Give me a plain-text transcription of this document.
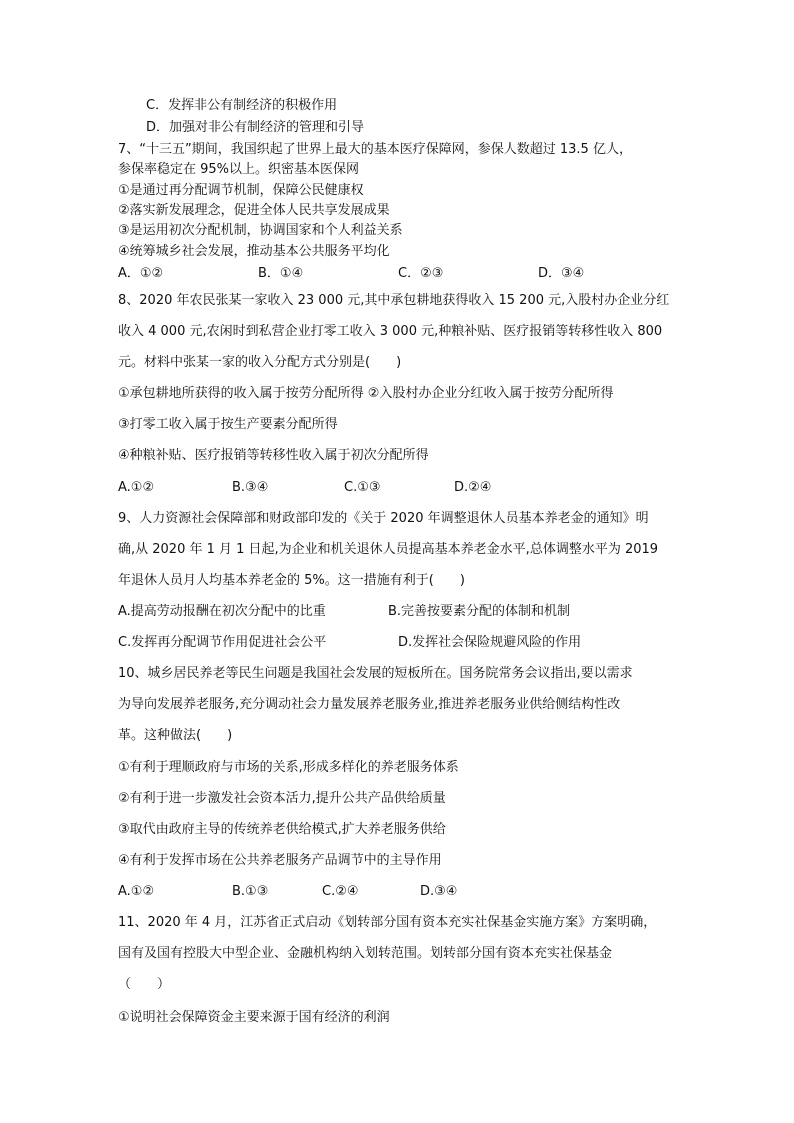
C．发挥非公有制经济的积极作用
D．加强对非公有制经济的管理和引导
7、“十三五”期间，我国织起了世界上最大的基本医疗保障网，参保人数超过 13.5 亿人，
参保率稳定在 95%以上。织密基本医保网
①是通过再分配调节机制，保障公民健康权
②落实新发展理念，促进全体人民共享发展成果
③是运用初次分配机制，协调国家和个人利益关系
④统筹城乡社会发展，推动基本公共服务平均化
A．①②	B．①④	C．②③	D．③④
8、2020 年农民张某一家收入 23 000 元,其中承包耕地获得收入 15 200 元,入股村办企业分红
收入 4 000 元,农闲时到私营企业打零工收入 3 000 元,种粮补贴、医疗报销等转移性收入 800
元。材料中张某一家的收入分配方式分别是(　　)
①承包耕地所获得的收入属于按劳分配所得 ②入股村办企业分红收入属于按劳分配所得
③打零工收入属于按生产要素分配所得
④种粮补贴、医疗报销等转移性收入属于初次分配所得
A.①②	B.③④	C.①③	D.②④
9、人力资源社会保障部和财政部印发的《关于 2020 年调整退休人员基本养老金的通知》明
确,从 2020 年 1 月 1 日起,为企业和机关退休人员提高基本养老金水平,总体调整水平为 2019
年退休人员月人均基本养老金的 5%。这一措施有利于(　　)
A.提高劳动报酬在初次分配中的比重	B.完善按要素分配的体制和机制
C.发挥再分配调节作用促进社会公平	D.发挥社会保险规避风险的作用
10、城乡居民养老等民生问题是我国社会发展的短板所在。国务院常务会议指出,要以需求
为导向发展养老服务,充分调动社会力量发展养老服务业,推进养老服务业供给侧结构性改
革。这种做法(　　)
①有利于理顺政府与市场的关系,形成多样化的养老服务体系
②有利于进一步激发社会资本活力,提升公共产品供给质量
③取代由政府主导的传统养老供给模式,扩大养老服务供给
④有利于发挥市场在公共养老服务产品调节中的主导作用
A.①②	B.①③	C.②④	D.③④
11、2020 年 4 月，江苏省正式启动《划转部分国有资本充实社保基金实施方案》方案明确，
国有及国有控股大中型企业、金融机构纳入划转范围。划转部分国有资本充实社保基金
（　　）
①说明社会保障资金主要来源于国有经济的利润
